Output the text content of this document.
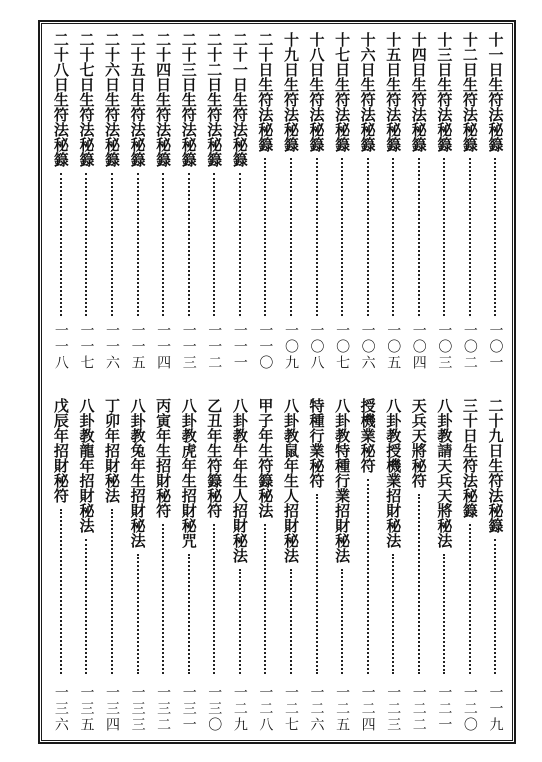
十一日生符法秘籙
一〇一
十二日生符法秘籙
一〇二
十三日生符法秘籙
一〇三
十四日生符法秘籙
一〇四
十五日生符法秘籙
一〇五
十六日生符法秘籙
一〇六
十七日生符法秘籙
一〇七
十八日生符法秘籙
一〇八
十九日生符法秘籙
一〇九
二十日生符法秘籙
一一〇
二十一日生符法秘籙
一一一
二十二日生符法秘籙
一一二
二十三日生符法秘籙
一一三
二十四日生符法秘籙
一一四
二十五日生符法秘籙
一一五
二十六日生符法秘籙
一一六
二十七日生符法秘籙
一一七
二十八日生符法秘籙
一一八
二十九日生符法秘籙
一一九
三十日生符法秘籙
一二〇
八卦教請天兵天將秘法
一二一
天兵天將秘符
一二二
八卦教授機業招財秘法
一二三
授機業秘符
一二四
八卦教特種行業招財秘法
一二五
特種行業秘符
一二六
八卦教鼠年生人招財秘法
一二七
甲子年生符籙秘法
一二八
八卦教牛年生人招財秘法
一二九
乙丑年生符籙秘符
一三〇
八卦教虎年生招財秘咒
一三一
丙寅年生招財秘符
一三二
八卦教兔年生招財秘法
一三三
丁卯年招財秘法
一三四
八卦教龍年招財秘法
一三五
戊辰年招財秘符
一三六
